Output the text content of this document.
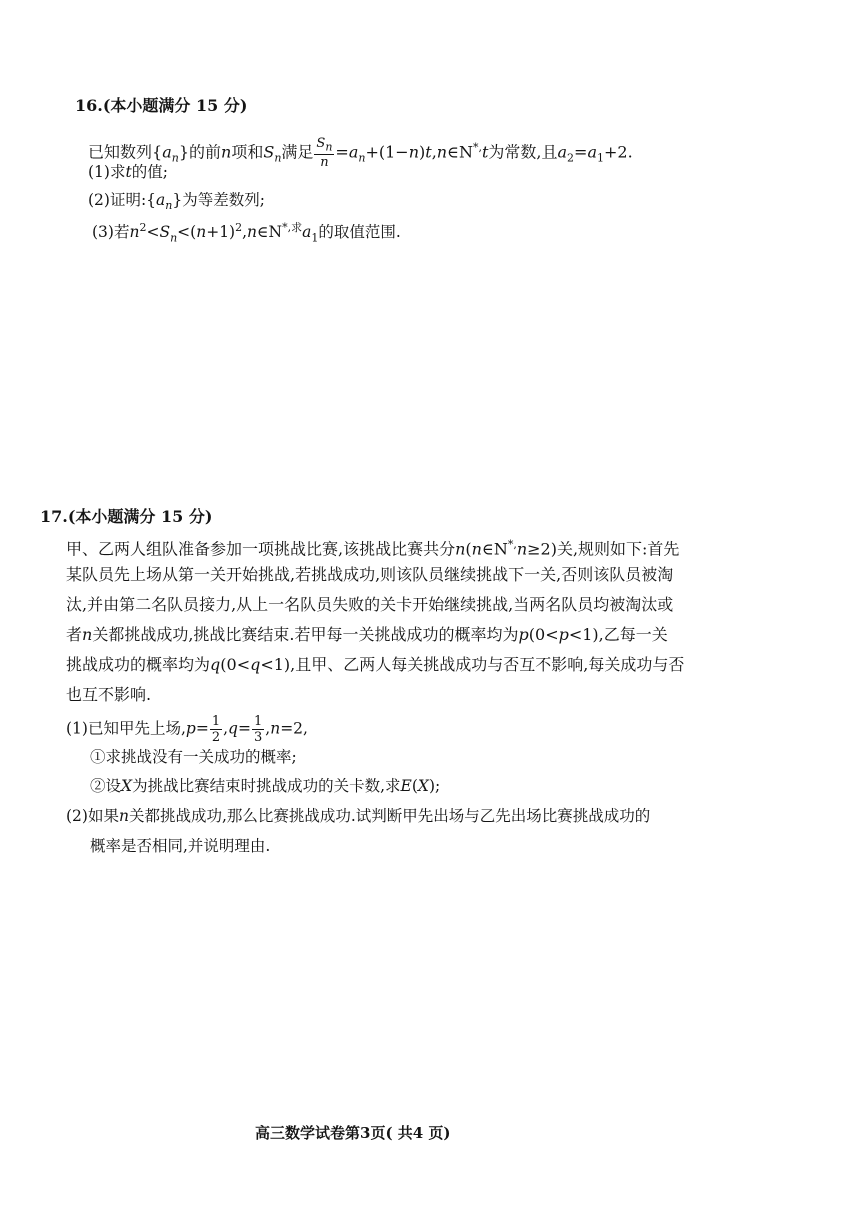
16.(本小题满分 15 分)
已知数列$\{a_n\}$的前n项和$S_n$满足 $\frac{S_n}{n}$ $=a_n+(1-n)t,n\in N^{*,}t$为常数,且$a_2=a_1+2$.
(1)求t的值;
(2)证明$:\{a_n\}$为等差数列;
(3)若$n^2<S_n<(n+1)^2,n\in N^{*,求}a_1$的取值范围.
17.(本小题满分 15 分)
甲、乙两人组队准备参加一项挑战比赛,该挑战比赛共分n(n∈N*,n≥2)关,规则如下:首先
某队员先上场从第一关开始挑战,若挑战成功,则该队员继续挑战下一关,否则该队员被淘
汰,并由第二名队员接力,从上一名队员失败的关卡开始继续挑战,当两名队员均被淘汰或
者n关都挑战成功,挑战比赛结束.若甲每一关挑战成功的概率均为p(0<p<1),乙每一关
挑战成功的概率均为q(0<q<1),且甲、乙两人每关挑战成功与否互不影响,每关成功与否
也互不影响.
(1)已知甲先上场$,p= \frac{1}{2} ,q= \frac{1}{3} ,n=2$,
①求挑战没有一关成功的概率;
②设X为挑战比赛结束时挑战成功的关卡数,求E(X);
(2)如果n关都挑战成功,那么比赛挑战成功.试判断甲先出场与乙先出场比赛挑战成功的
概率是否相同,并说明理由.
高三数学试卷第3页( 共4 页)
